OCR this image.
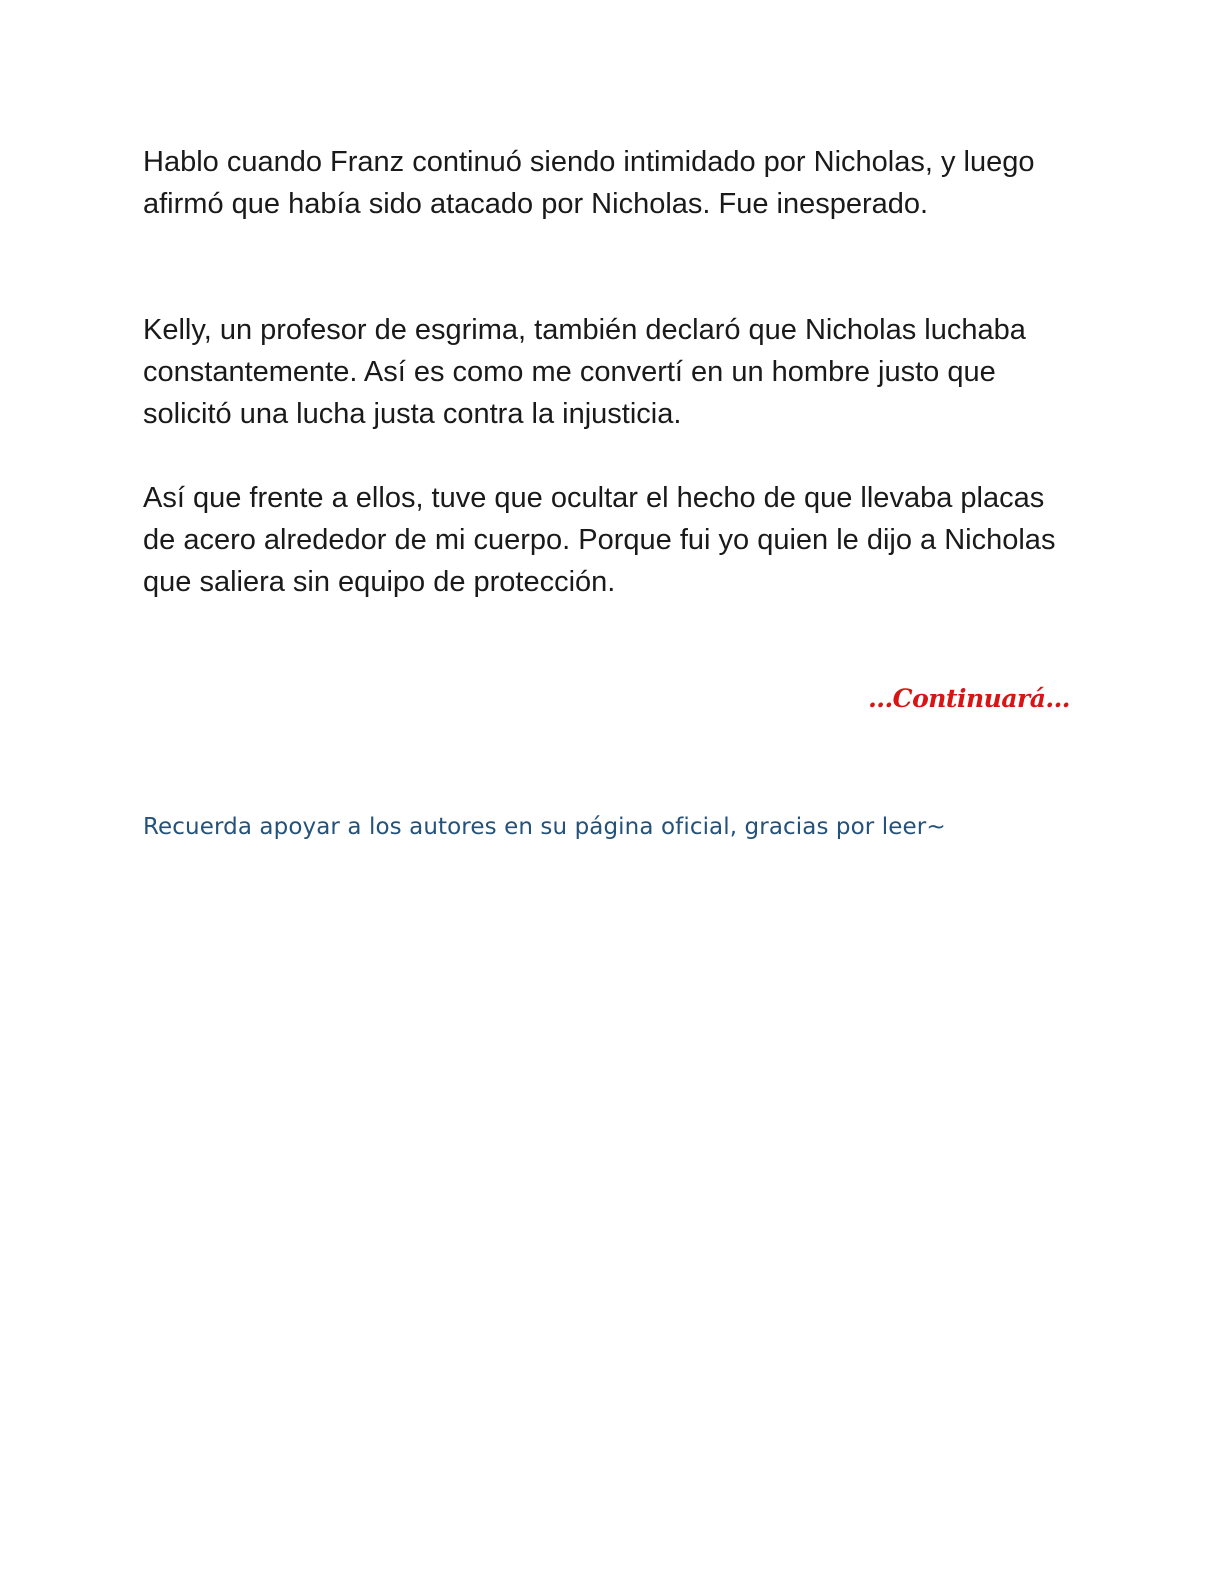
Hablo cuando Franz continuó siendo intimidado por Nicholas, y luego afirmó que había sido atacado por Nicholas. Fue inesperado.

Kelly, un profesor de esgrima, también declaró que Nicholas luchaba constantemente. Así es como me convertí en un hombre justo que solicitó una lucha justa contra la injusticia.

Así que frente a ellos, tuve que ocultar el hecho de que llevaba placas de acero alrededor de mi cuerpo. Porque fui yo quien le dijo a Nicholas que saliera sin equipo de protección.

...Continuará...

Recuerda apoyar a los autores en su página oficial, gracias por leer~
